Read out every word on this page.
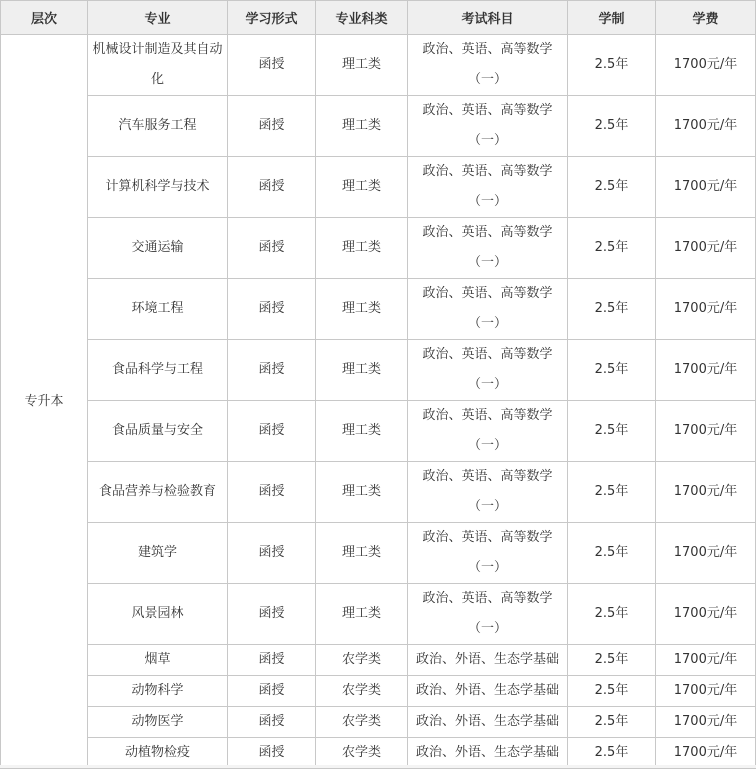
层次	专业	学习形式	专业科类	考试科目	学制	学费
专升本	机械设计制造及其自动化	函授	理工类	政治、英语、高等数学（一）	2.5年	1700元/年
	汽车服务工程	函授	理工类	政治、英语、高等数学（一）	2.5年	1700元/年
	计算机科学与技术	函授	理工类	政治、英语、高等数学（一）	2.5年	1700元/年
	交通运输	函授	理工类	政治、英语、高等数学（一）	2.5年	1700元/年
	环境工程	函授	理工类	政治、英语、高等数学（一）	2.5年	1700元/年
	食品科学与工程	函授	理工类	政治、英语、高等数学（一）	2.5年	1700元/年
	食品质量与安全	函授	理工类	政治、英语、高等数学（一）	2.5年	1700元/年
	食品营养与检验教育	函授	理工类	政治、英语、高等数学（一）	2.5年	1700元/年
	建筑学	函授	理工类	政治、英语、高等数学（一）	2.5年	1700元/年
	风景园林	函授	理工类	政治、英语、高等数学（一）	2.5年	1700元/年
	烟草	函授	农学类	政治、外语、生态学基础	2.5年	1700元/年
	动物科学	函授	农学类	政治、外语、生态学基础	2.5年	1700元/年
	动物医学	函授	农学类	政治、外语、生态学基础	2.5年	1700元/年
	动植物检疫	函授	农学类	政治、外语、生态学基础	2.5年	1700元/年
